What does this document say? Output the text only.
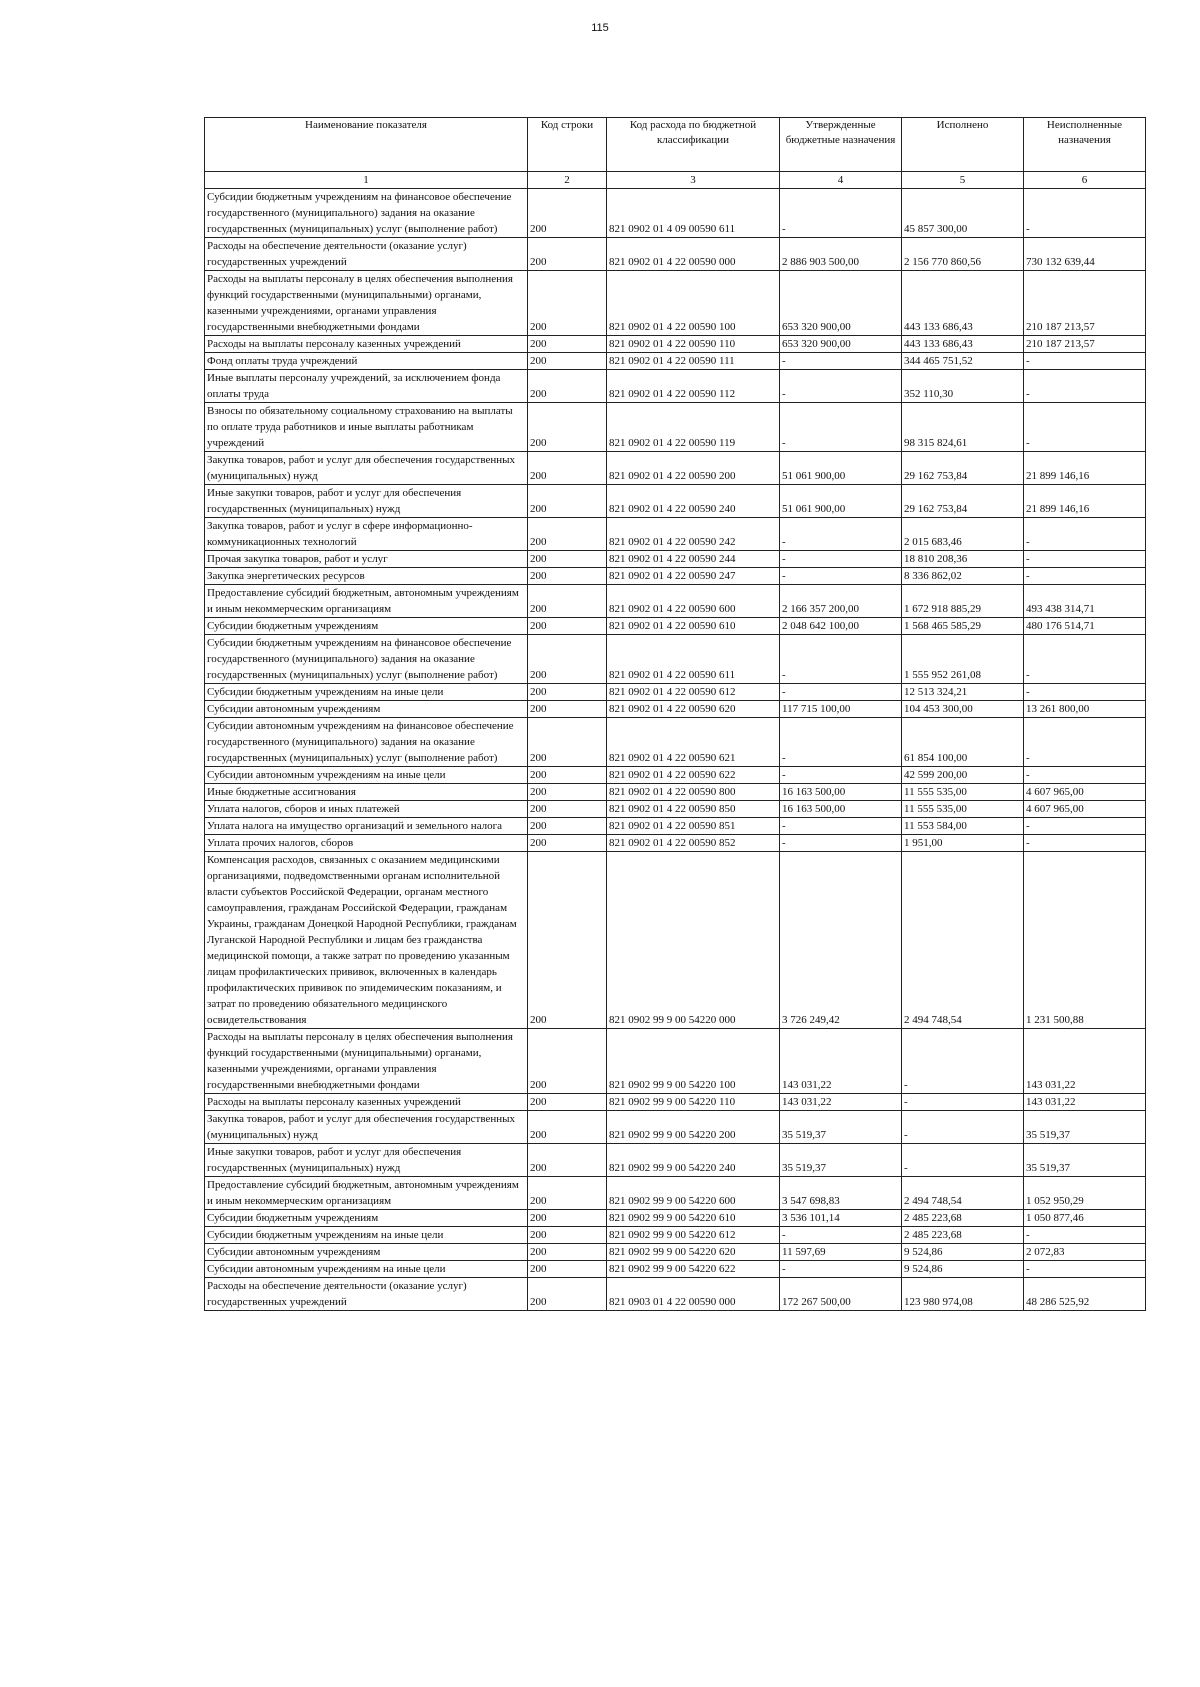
115
Наименование показателя	Код строки	Код расхода по бюджетной классификации	Утвержденные бюджетные назначения	Исполнено	Неисполненные назначения
1	2	3	4	5	6
Субсидии бюджетным учреждениям на финансовое обеспечение государственного (муниципального) задания на оказание государственных (муниципальных) услуг (выполнение работ)	200	821 0902 01 4 09 00590 611	-	45 857 300,00	-
Расходы на обеспечение деятельности (оказание услуг) государственных учреждений	200	821 0902 01 4 22 00590 000	2 886 903 500,00	2 156 770 860,56	730 132 639,44
Расходы на выплаты персоналу в целях обеспечения выполнения функций государственными (муниципальными) органами, казенными учреждениями, органами управления государственными внебюджетными фондами	200	821 0902 01 4 22 00590 100	653 320 900,00	443 133 686,43	210 187 213,57
Расходы на выплаты персоналу казенных учреждений	200	821 0902 01 4 22 00590 110	653 320 900,00	443 133 686,43	210 187 213,57
Фонд оплаты труда учреждений	200	821 0902 01 4 22 00590 111	-	344 465 751,52	-
Иные выплаты персоналу учреждений, за исключением фонда оплаты труда	200	821 0902 01 4 22 00590 112	-	352 110,30	-
Взносы по обязательному социальному страхованию на выплаты по оплате труда работников и иные выплаты работникам учреждений	200	821 0902 01 4 22 00590 119	-	98 315 824,61	-
Закупка товаров, работ и услуг для обеспечения государственных (муниципальных) нужд	200	821 0902 01 4 22 00590 200	51 061 900,00	29 162 753,84	21 899 146,16
Иные закупки товаров, работ и услуг для обеспечения государственных (муниципальных) нужд	200	821 0902 01 4 22 00590 240	51 061 900,00	29 162 753,84	21 899 146,16
Закупка товаров, работ и услуг в сфере информационно-коммуникационных технологий	200	821 0902 01 4 22 00590 242	-	2 015 683,46	-
Прочая закупка товаров, работ и услуг	200	821 0902 01 4 22 00590 244	-	18 810 208,36	-
Закупка энергетических ресурсов	200	821 0902 01 4 22 00590 247	-	8 336 862,02	-
Предоставление субсидий бюджетным, автономным учреждениям и иным некоммерческим организациям	200	821 0902 01 4 22 00590 600	2 166 357 200,00	1 672 918 885,29	493 438 314,71
Субсидии бюджетным учреждениям	200	821 0902 01 4 22 00590 610	2 048 642 100,00	1 568 465 585,29	480 176 514,71
Субсидии бюджетным учреждениям на финансовое обеспечение государственного (муниципального) задания на оказание государственных (муниципальных) услуг (выполнение работ)	200	821 0902 01 4 22 00590 611	-	1 555 952 261,08	-
Субсидии бюджетным учреждениям на иные цели	200	821 0902 01 4 22 00590 612	-	12 513 324,21	-
Субсидии автономным учреждениям	200	821 0902 01 4 22 00590 620	117 715 100,00	104 453 300,00	13 261 800,00
Субсидии автономным учреждениям на финансовое обеспечение государственного (муниципального) задания на оказание государственных (муниципальных) услуг (выполнение работ)	200	821 0902 01 4 22 00590 621	-	61 854 100,00	-
Субсидии автономным учреждениям на иные цели	200	821 0902 01 4 22 00590 622	-	42 599 200,00	-
Иные бюджетные ассигнования	200	821 0902 01 4 22 00590 800	16 163 500,00	11 555 535,00	4 607 965,00
Уплата налогов, сборов и иных платежей	200	821 0902 01 4 22 00590 850	16 163 500,00	11 555 535,00	4 607 965,00
Уплата налога на имущество организаций и земельного налога	200	821 0902 01 4 22 00590 851	-	11 553 584,00	-
Уплата прочих налогов, сборов	200	821 0902 01 4 22 00590 852	-	1 951,00	-
Компенсация расходов, связанных с оказанием медицинскими организациями, подведомственными органам исполнительной власти субъектов Российской Федерации, органам местного самоуправления, гражданам Российской Федерации, гражданам Украины, гражданам Донецкой Народной Республики, гражданам Луганской Народной Республики и лицам без гражданства медицинской помощи, а также затрат по проведению указанным лицам профилактических прививок, включенных в календарь профилактических прививок по эпидемическим показаниям, и затрат по проведению обязательного медицинского освидетельствования	200	821 0902 99 9 00 54220 000	3 726 249,42	2 494 748,54	1 231 500,88
Расходы на выплаты персоналу в целях обеспечения выполнения функций государственными (муниципальными) органами, казенными учреждениями, органами управления государственными внебюджетными фондами	200	821 0902 99 9 00 54220 100	143 031,22	-	143 031,22
Расходы на выплаты персоналу казенных учреждений	200	821 0902 99 9 00 54220 110	143 031,22	-	143 031,22
Закупка товаров, работ и услуг для обеспечения государственных (муниципальных) нужд	200	821 0902 99 9 00 54220 200	35 519,37	-	35 519,37
Иные закупки товаров, работ и услуг для обеспечения государственных (муниципальных) нужд	200	821 0902 99 9 00 54220 240	35 519,37	-	35 519,37
Предоставление субсидий бюджетным, автономным учреждениям и иным некоммерческим организациям	200	821 0902 99 9 00 54220 600	3 547 698,83	2 494 748,54	1 052 950,29
Субсидии бюджетным учреждениям	200	821 0902 99 9 00 54220 610	3 536 101,14	2 485 223,68	1 050 877,46
Субсидии бюджетным учреждениям на иные цели	200	821 0902 99 9 00 54220 612	-	2 485 223,68	-
Субсидии автономным учреждениям	200	821 0902 99 9 00 54220 620	11 597,69	9 524,86	2 072,83
Субсидии автономным учреждениям на иные цели	200	821 0902 99 9 00 54220 622	-	9 524,86	-
Расходы на обеспечение деятельности (оказание услуг) государственных учреждений	200	821 0903 01 4 22 00590 000	172 267 500,00	123 980 974,08	48 286 525,92
